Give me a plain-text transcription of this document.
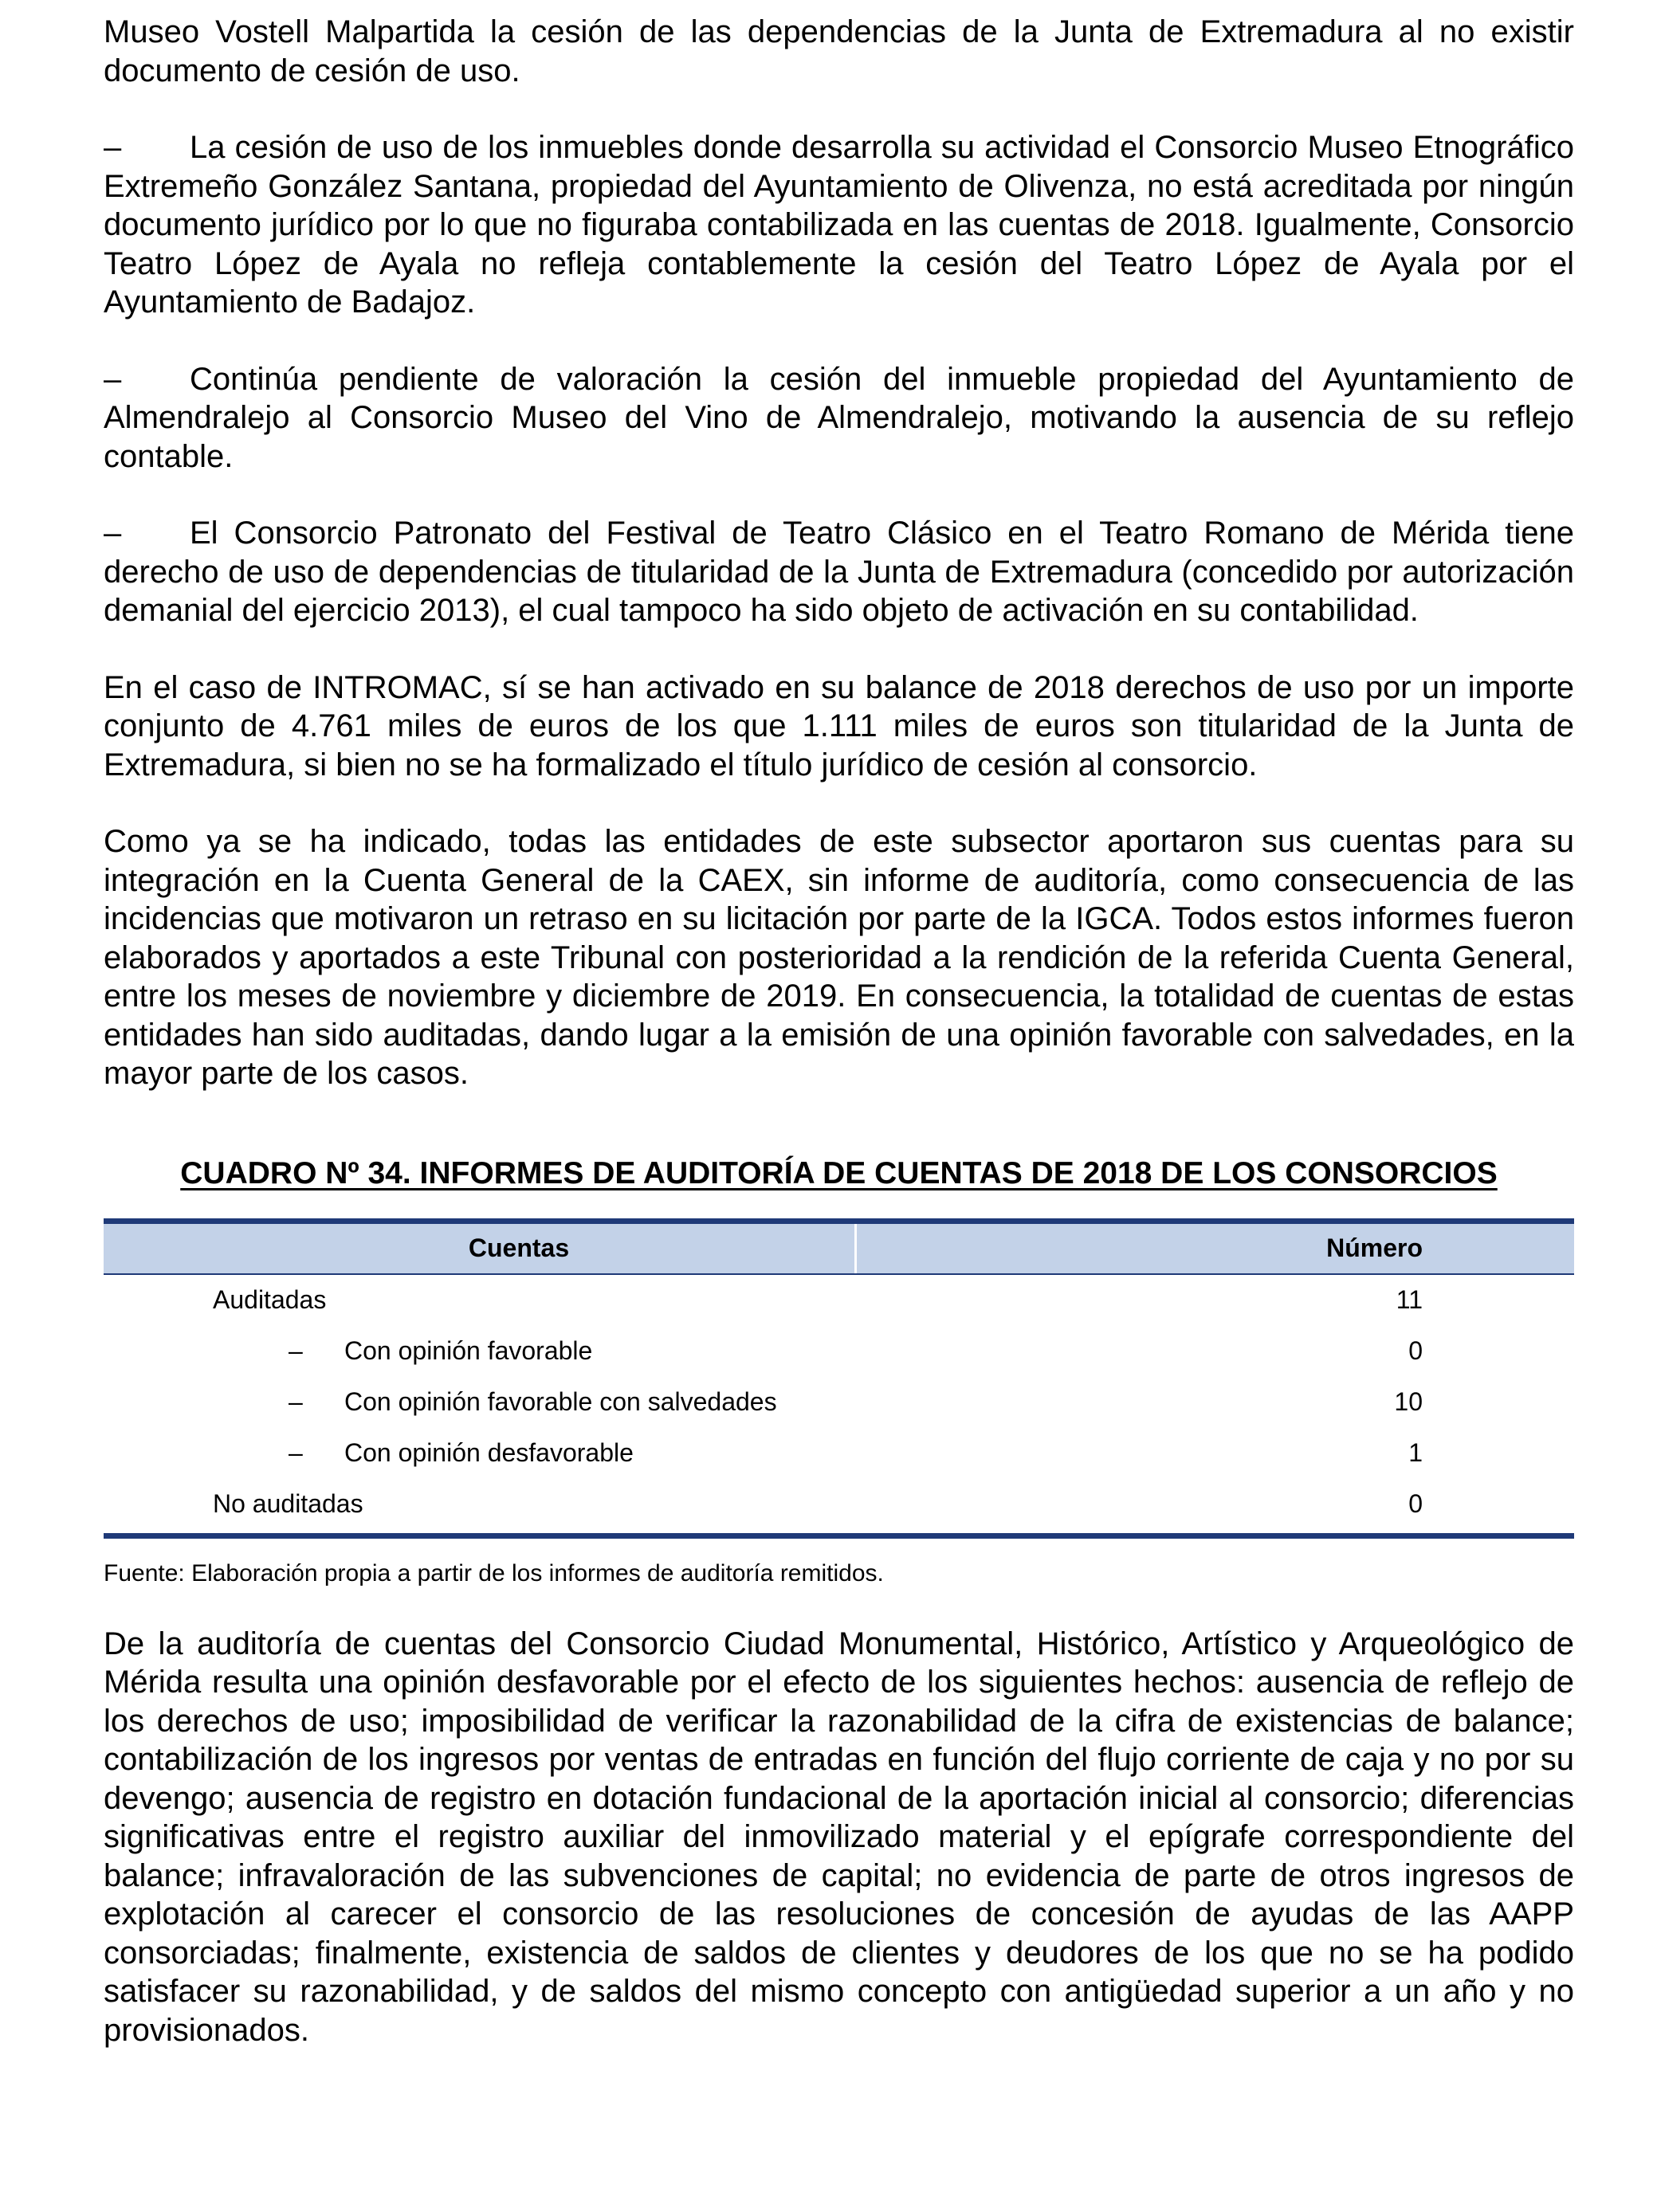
Museo Vostell Malpartida la cesión de las dependencias de la Junta de Extremadura al no existir documento de cesión de uso.

– La cesión de uso de los inmuebles donde desarrolla su actividad el Consorcio Museo Etnográfico Extremeño González Santana, propiedad del Ayuntamiento de Olivenza, no está acreditada por ningún documento jurídico por lo que no figuraba contabilizada en las cuentas de 2018. Igualmente, Consorcio Teatro López de Ayala no refleja contablemente la cesión del Teatro López de Ayala por el Ayuntamiento de Badajoz.

– Continúa pendiente de valoración la cesión del inmueble propiedad del Ayuntamiento de Almendralejo al Consorcio Museo del Vino de Almendralejo, motivando la ausencia de su reflejo contable.

– El Consorcio Patronato del Festival de Teatro Clásico en el Teatro Romano de Mérida tiene derecho de uso de dependencias de titularidad de la Junta de Extremadura (concedido por autorización demanial del ejercicio 2013), el cual tampoco ha sido objeto de activación en su contabilidad.

En el caso de INTROMAC, sí se han activado en su balance de 2018 derechos de uso por un importe conjunto de 4.761 miles de euros de los que 1.111 miles de euros son titularidad de la Junta de Extremadura, si bien no se ha formalizado el título jurídico de cesión al consorcio.

Como ya se ha indicado, todas las entidades de este subsector aportaron sus cuentas para su integración en la Cuenta General de la CAEX, sin informe de auditoría, como consecuencia de las incidencias que motivaron un retraso en su licitación por parte de la IGCA. Todos estos informes fueron elaborados y aportados a este Tribunal con posterioridad a la rendición de la referida Cuenta General, entre los meses de noviembre y diciembre de 2019. En consecuencia, la totalidad de cuentas de estas entidades han sido auditadas, dando lugar a la emisión de una opinión favorable con salvedades, en la mayor parte de los casos.

CUADRO Nº 34. INFORMES DE AUDITORÍA DE CUENTAS DE 2018 DE LOS CONSORCIOS
Cuentas	Número
Auditadas	11
–	Con opinión favorable	0
–	Con opinión favorable con salvedades	10
–	Con opinión desfavorable	1
No auditadas	0
Fuente: Elaboración propia a partir de los informes de auditoría remitidos.

De la auditoría de cuentas del Consorcio Ciudad Monumental, Histórico, Artístico y Arqueológico de Mérida resulta una opinión desfavorable por el efecto de los siguientes hechos: ausencia de reflejo de los derechos de uso; imposibilidad de verificar la razonabilidad de la cifra de existencias de balance; contabilización de los ingresos por ventas de entradas en función del flujo corriente de caja y no por su devengo; ausencia de registro en dotación fundacional de la aportación inicial al consorcio; diferencias significativas entre el registro auxiliar del inmovilizado material y el epígrafe correspondiente del balance; infravaloración de las subvenciones de capital; no evidencia de parte de otros ingresos de explotación al carecer el consorcio de las resoluciones de concesión de ayudas de las AAPP consorciadas; finalmente, existencia de saldos de clientes y deudores de los que no se ha podido satisfacer su razonabilidad, y de saldos del mismo concepto con antigüedad superior a un año y no provisionados.
